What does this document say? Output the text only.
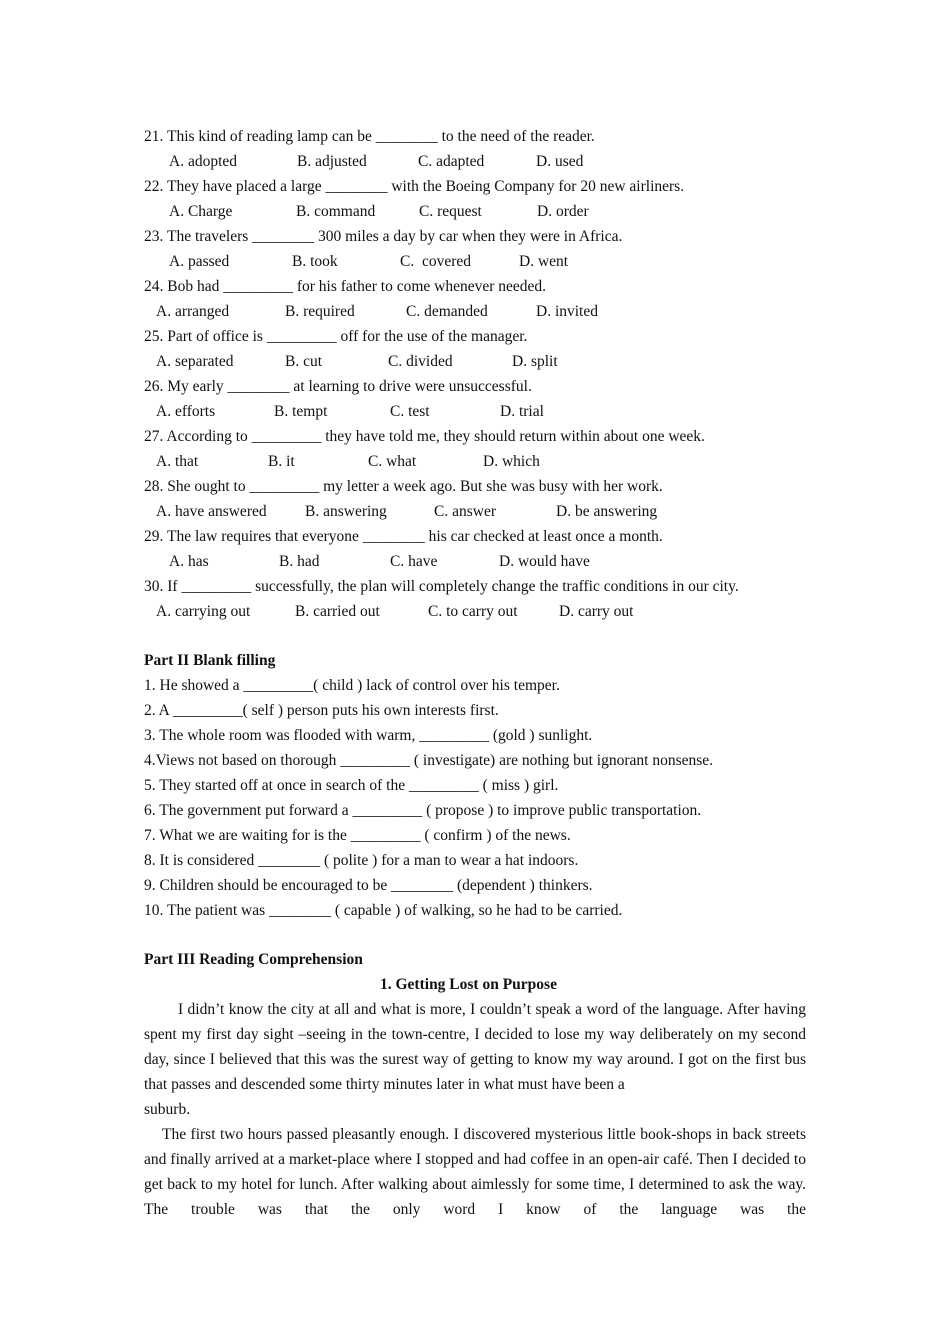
21. This kind of reading lamp can be ________ to the need of the reader.
A. adopted	B. adjusted	C. adapted	D. used
22. They have placed a large ________ with the Boeing Company for 20 new airliners.
A. Charge	B. command	C. request	D. order
23. The travelers ________ 300 miles a day by car when they were in Africa.
A. passed	B. took	C.  covered	D. went
24. Bob had _________ for his father to come whenever needed.
A. arranged	B. required	C. demanded	D. invited
25. Part of office is _________ off for the use of the manager.
A. separated	B. cut	C. divided	D. split
26. My early ________ at learning to drive were unsuccessful.
A. efforts	B. tempt	C. test	D. trial
27. According to _________ they have told me, they should return within about one week.
A. that	B. it	C. what	D. which
28. She ought to _________ my letter a week ago. But she was busy with her work.
A. have answered B. answering	C. answer	D. be answering
29. The law requires that everyone ________ his car checked at least once a month.
A. has	B. had	C. have	D. would have
30. If _________ successfully, the plan will completely change the traffic conditions in our city.
A. carrying out	B. carried out	C. to carry out	D. carry out
Part II Blank filling
1. He showed a _________( child ) lack of control over his temper.
2. A _________( self ) person puts his own interests first.
3. The whole room was flooded with warm, _________ (gold ) sunlight.
4.Views not based on thorough _________ ( investigate) are nothing but ignorant nonsense.
5. They started off at once in search of the _________ ( miss ) girl.
6. The government put forward a _________ ( propose ) to improve public transportation.
7. What we are waiting for is the _________ ( confirm ) of the news.
8. It is considered ________ ( polite ) for a man to wear a hat indoors.
9. Children should be encouraged to be ________ (dependent ) thinkers.
10. The patient was ________ ( capable ) of walking, so he had to be carried.
Part III Reading Comprehension
1. Getting Lost on Purpose
I didn’t know the city at all and what is more, I couldn’t speak a word of the language. After having spent my first day sight –seeing in the town-centre, I decided to lose my way deliberately on my second day, since I believed that this was the surest way of getting to know my way around. I got on the first bus that passes and descended some thirty minutes later in what must have been a
suburb.
The first two hours passed pleasantly enough. I discovered mysterious little book-shops in back streets and finally arrived at a market-place where I stopped and had coffee in an open-air café. Then I decided to get back to my hotel for lunch. After walking about aimlessly for some time, I determined to ask the way. The trouble was that the only word I know of the language was the
